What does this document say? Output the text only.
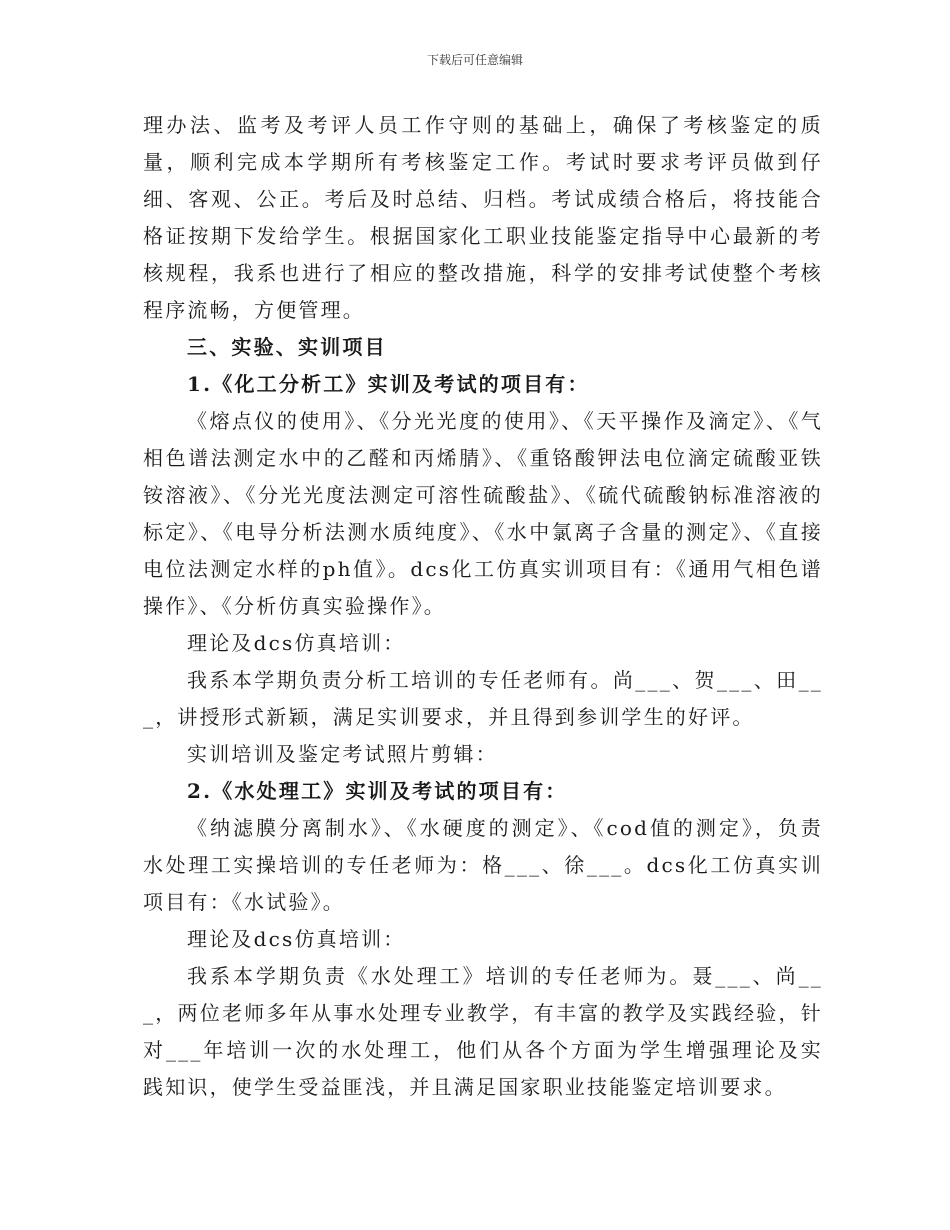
下载后可任意编辑

理办法、监考及考评人员工作守则的基础上，确保了考核鉴定的质量，顺利完成本学期所有考核鉴定工作。考试时要求考评员做到仔细、客观、公正。考后及时总结、归档。考试成绩合格后，将技能合格证按期下发给学生。根据国家化工职业技能鉴定指导中心最新的考核规程，我系也进行了相应的整改措施，科学的安排考试使整个考核程序流畅，方便管理。

三、实验、实训项目

1.《化工分析工》实训及考试的项目有：

《熔点仪的使用》、《分光光度的使用》、《天平操作及滴定》、《气相色谱法测定水中的乙醛和丙烯腈》、《重铬酸钾法电位滴定硫酸亚铁铵溶液》、《分光光度法测定可溶性硫酸盐》、《硫代硫酸钠标准溶液的标定》、《电导分析法测水质纯度》、《水中氯离子含量的测定》、《直接电位法测定水样的ph值》。dcs化工仿真实训项目有：《通用气相色谱操作》、《分析仿真实验操作》。

理论及dcs仿真培训：

我系本学期负责分析工培训的专任老师有。尚___、贺___、田___，讲授形式新颖，满足实训要求，并且得到参训学生的好评。

实训培训及鉴定考试照片剪辑：

2.《水处理工》实训及考试的项目有：

《纳滤膜分离制水》、《水硬度的测定》、《cod值的测定》，负责水处理工实操培训的专任老师为：格___、徐___。dcs化工仿真实训项目有：《水试验》。

理论及dcs仿真培训：

我系本学期负责《水处理工》培训的专任老师为。聂___、尚___，两位老师多年从事水处理专业教学，有丰富的教学及实践经验，针对___年培训一次的水处理工，他们从各个方面为学生增强理论及实践知识，使学生受益匪浅，并且满足国家职业技能鉴定培训要求。
